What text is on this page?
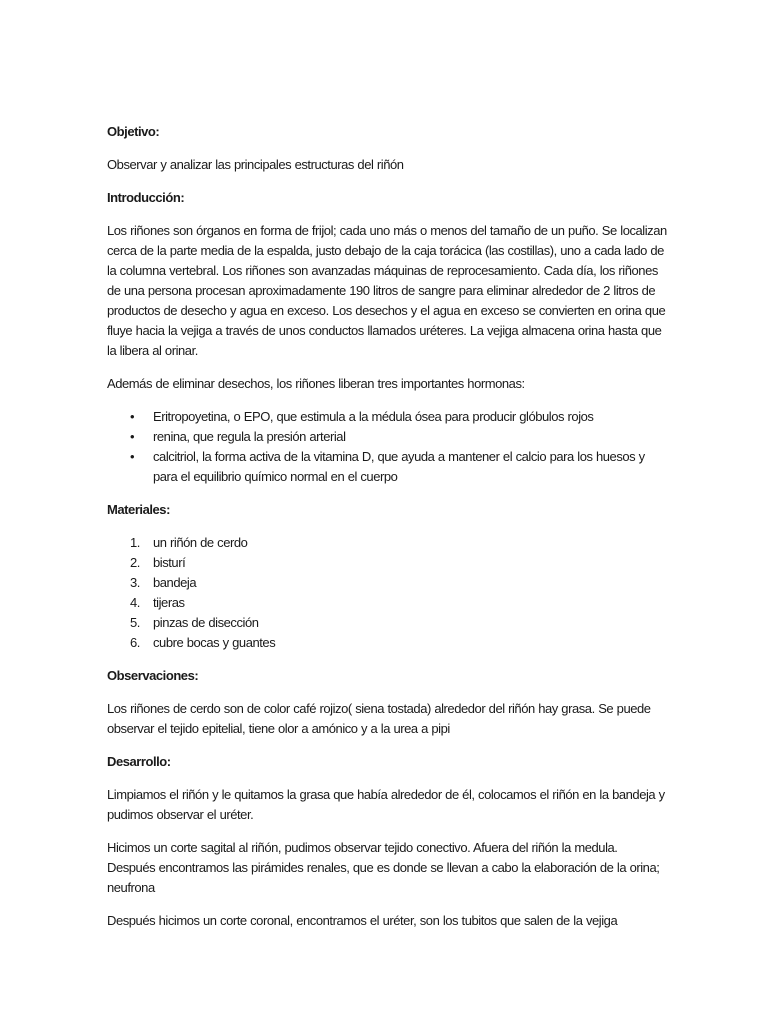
Objetivo:
Observar y analizar las principales estructuras del riñón
Introducción:
Los riñones son órganos en forma de frijol; cada uno más o menos del tamaño de un puño. Se localizan cerca de la parte media de la espalda, justo debajo de la caja torácica (las costillas), uno a cada lado de la columna vertebral. Los riñones son avanzadas máquinas de reprocesamiento. Cada día, los riñones de una persona procesan aproximadamente 190 litros de sangre para eliminar alrededor de 2 litros de productos de desecho y agua en exceso. Los desechos y el agua en exceso se convierten en orina que fluye hacia la vejiga a través de unos conductos llamados uréteres. La vejiga almacena orina hasta que la libera al orinar.
Además de eliminar desechos, los riñones liberan tres importantes hormonas:
• Eritropoyetina, o EPO, que estimula a la médula ósea para producir glóbulos rojos
• renina, que regula la presión arterial
• calcitriol, la forma activa de la vitamina D, que ayuda a mantener el calcio para los huesos y para el equilibrio químico normal en el cuerpo
Materiales:
1. un riñón de cerdo
2. bisturí
3. bandeja
4. tijeras
5. pinzas de disección
6. cubre bocas y guantes
Observaciones:
Los riñones de cerdo son de color café rojizo( siena tostada) alrededor del riñón hay grasa. Se puede observar el tejido epitelial, tiene olor a amónico y a la urea a pipi
Desarrollo:
Limpiamos el riñón y le quitamos la grasa que había alrededor de él, colocamos el riñón en la bandeja y pudimos observar el uréter.
Hicimos un corte sagital al riñón, pudimos observar tejido conectivo. Afuera del riñón la medula. Después encontramos las pirámides renales, que es donde se llevan a cabo la elaboración de la orina; neufrona
Después hicimos un corte coronal, encontramos el uréter, son los tubitos que salen de la vejiga
